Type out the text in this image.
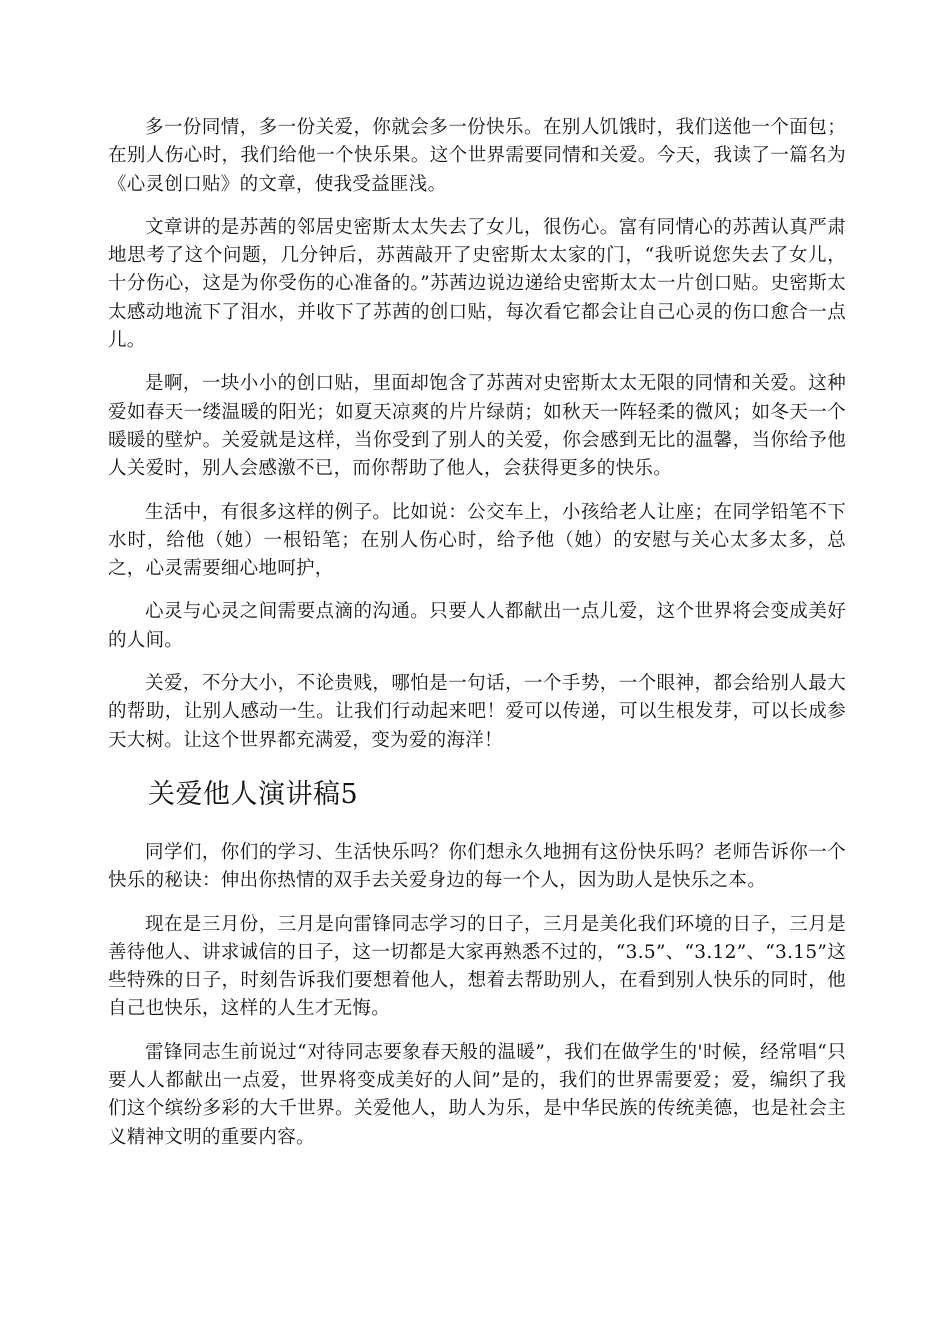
多一份同情，多一份关爱，你就会多一份快乐。在别人饥饿时，我们送他一个面包；在别人伤心时，我们给他一个快乐果。这个世界需要同情和关爱。今天，我读了一篇名为《心灵创口贴》的文章，使我受益匪浅。

文章讲的是苏茜的邻居史密斯太太失去了女儿，很伤心。富有同情心的苏茜认真严肃地思考了这个问题，几分钟后，苏茜敲开了史密斯太太家的门，“我听说您失去了女儿，十分伤心，这是为你受伤的心准备的。”苏茜边说边递给史密斯太太一片创口贴。史密斯太太感动地流下了泪水，并收下了苏茜的创口贴，每次看它都会让自己心灵的伤口愈合一点儿。

是啊，一块小小的创口贴，里面却饱含了苏茜对史密斯太太无限的同情和关爱。这种爱如春天一缕温暖的阳光；如夏天凉爽的片片绿荫；如秋天一阵轻柔的微风；如冬天一个暖暖的壁炉。关爱就是这样，当你受到了别人的关爱，你会感到无比的温馨，当你给予他人关爱时，别人会感激不已，而你帮助了他人，会获得更多的快乐。

生活中，有很多这样的例子。比如说：公交车上，小孩给老人让座；在同学铅笔不下水时，给他（她）一根铅笔；在别人伤心时，给予他（她）的安慰与关心太多太多，总之，心灵需要细心地呵护，

心灵与心灵之间需要点滴的沟通。只要人人都献出一点儿爱，这个世界将会变成美好的人间。

关爱，不分大小，不论贵贱，哪怕是一句话，一个手势，一个眼神，都会给别人最大的帮助，让别人感动一生。让我们行动起来吧！爱可以传递，可以生根发芽，可以长成参天大树。让这个世界都充满爱，变为爱的海洋！

关爱他人演讲稿5

同学们，你们的学习、生活快乐吗？你们想永久地拥有这份快乐吗？老师告诉你一个快乐的秘诀：伸出你热情的双手去关爱身边的每一个人，因为助人是快乐之本。

现在是三月份，三月是向雷锋同志学习的日子，三月是美化我们环境的日子，三月是善待他人、讲求诚信的日子，这一切都是大家再熟悉不过的，“3.5”、“3.12”、“3.15”这些特殊的日子，时刻告诉我们要想着他人，想着去帮助别人，在看到别人快乐的同时，他自己也快乐，这样的人生才无悔。

雷锋同志生前说过“对待同志要象春天般的温暖”，我们在做学生的'时候，经常唱“只要人人都献出一点爱，世界将变成美好的人间”是的，我们的世界需要爱；爱，编织了我们这个缤纷多彩的大千世界。关爱他人，助人为乐，是中华民族的传统美德，也是社会主义精神文明的重要内容。
